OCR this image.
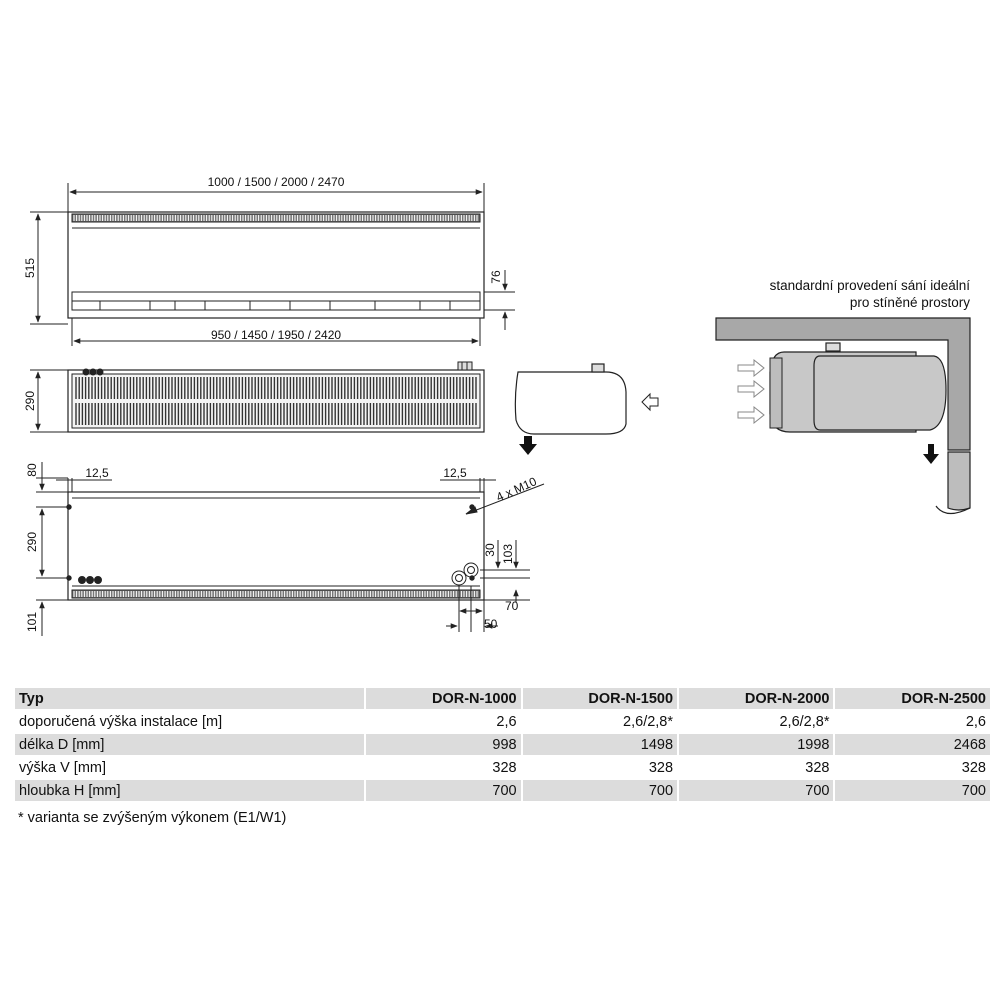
1000 / 1500 / 2000 / 2470
950 / 1450 / 1950 / 2420
515	76
290
80	12,5	12,5
4 x M10
290
101
30 103
70
50
standardní provedení sání ideální
pro stíněné prostory
Typ	DOR-N-1000	DOR-N-1500	DOR-N-2000	DOR-N-2500
doporučená výška instalace [m]	2,6	2,6/2,8*	2,6/2,8*	2,6
délka D [mm]	998	1498	1998	2468
výška V [mm]	328	328	328	328
hloubka H [mm]	700	700	700	700
* varianta se zvýšeným výkonem (E1/W1)
